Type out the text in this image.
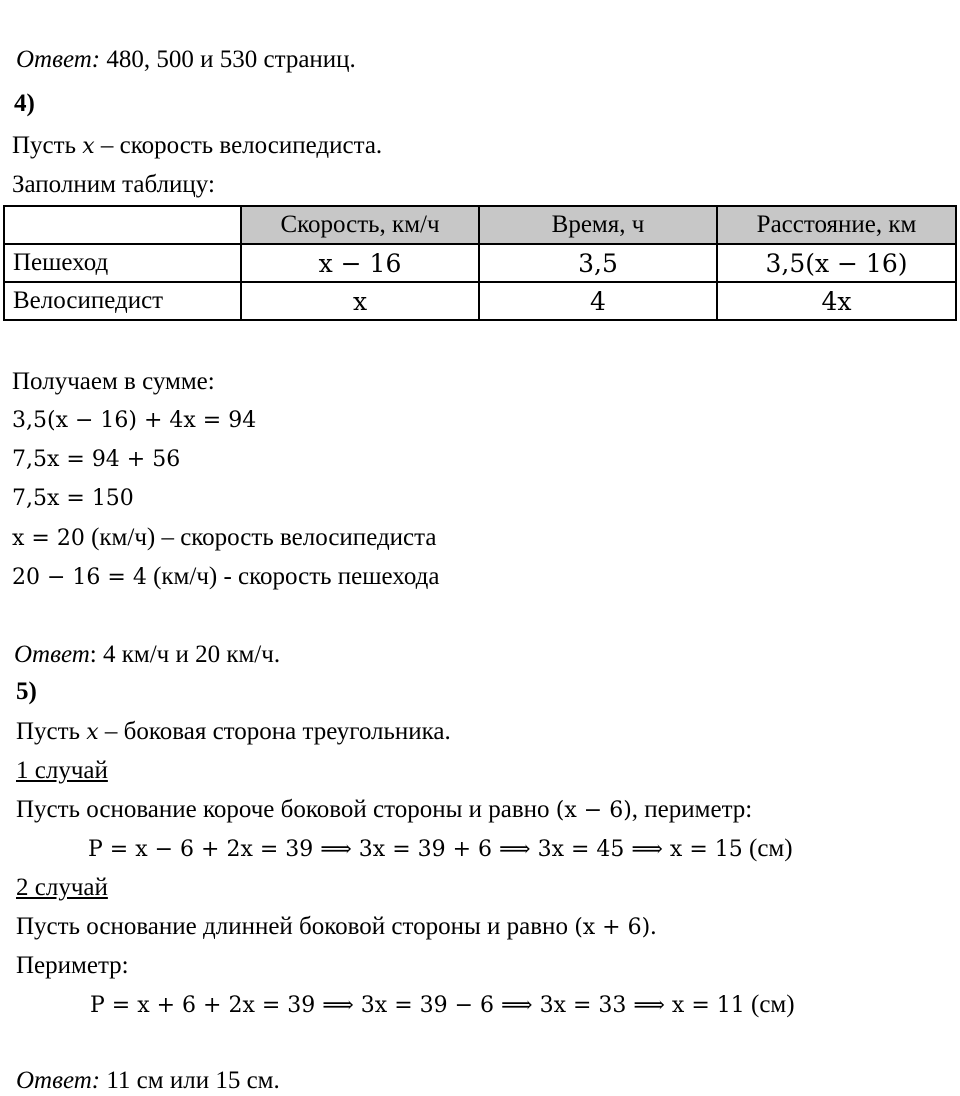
Ответ: 480, 500 и 530 страниц.
4)
Пусть x – скорость велосипедиста.
Заполним таблицу:
	Скорость, км/ч	Время, ч	Расстояние, км
Пешеход	x − 16	3,5	3,5(x − 16)
Велосипедист	x	4	4x
Получаем в сумме:
3,5(x − 16) + 4x = 94
7,5x = 94 + 56
7,5x = 150
x = 20 (км/ч) – скорость велосипедиста
20 − 16 = 4 (км/ч) - скорость пешехода
Ответ: 4 км/ч и 20 км/ч.
5)
Пусть x – боковая сторона треугольника.
1 случай
Пусть основание короче боковой стороны и равно (x − 6), периметр:
P = x − 6 + 2x = 39 ⟹ 3x = 39 + 6 ⟹ 3x = 45 ⟹ x = 15 (см)
2 случай
Пусть основание длинней боковой стороны и равно (x + 6).
Периметр:
P = x + 6 + 2x = 39 ⟹ 3x = 39 − 6 ⟹ 3x = 33 ⟹ x = 11 (см)
Ответ: 11 см или 15 см.
